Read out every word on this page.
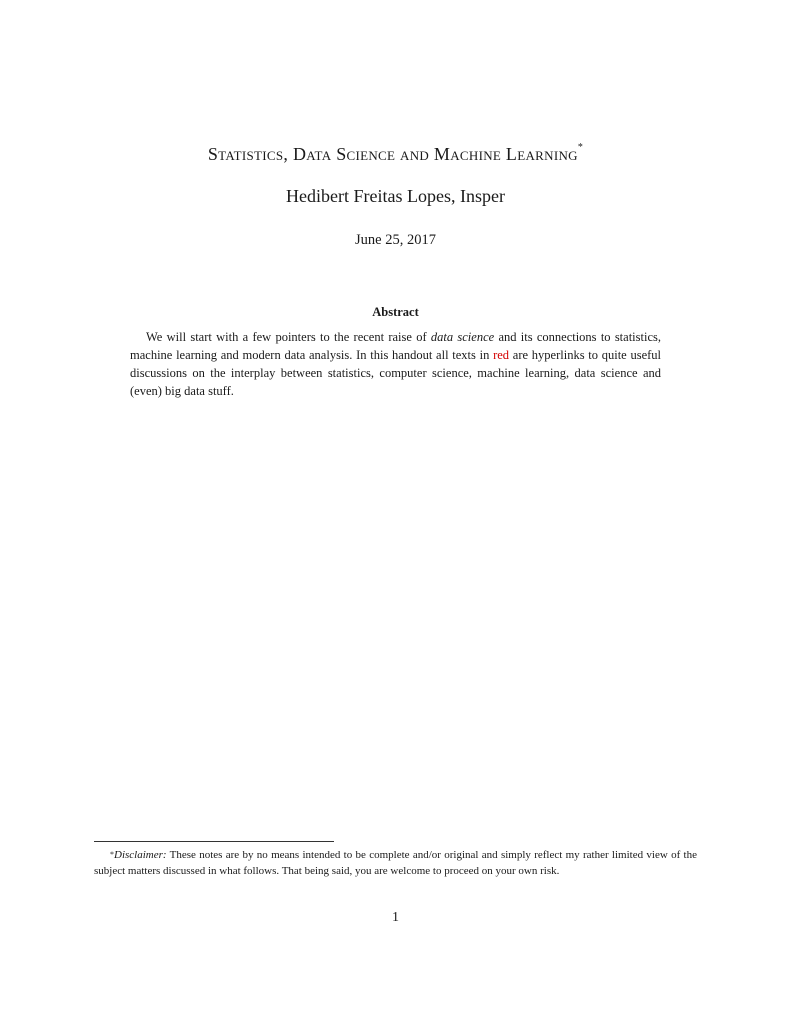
Statistics, Data Science and Machine Learning*
Hedibert Freitas Lopes, Insper
June 25, 2017
Abstract

We will start with a few pointers to the recent raise of data science and its connections to statistics, machine learning and modern data analysis. In this handout all texts in red are hyperlinks to quite useful discussions on the interplay between statistics, computer science, machine learning, data science and (even) big data stuff.

*Disclaimer: These notes are by no means intended to be complete and/or original and simply reflect my rather limited view of the subject matters discussed in what follows. That being said, you are welcome to proceed on your own risk.

1
